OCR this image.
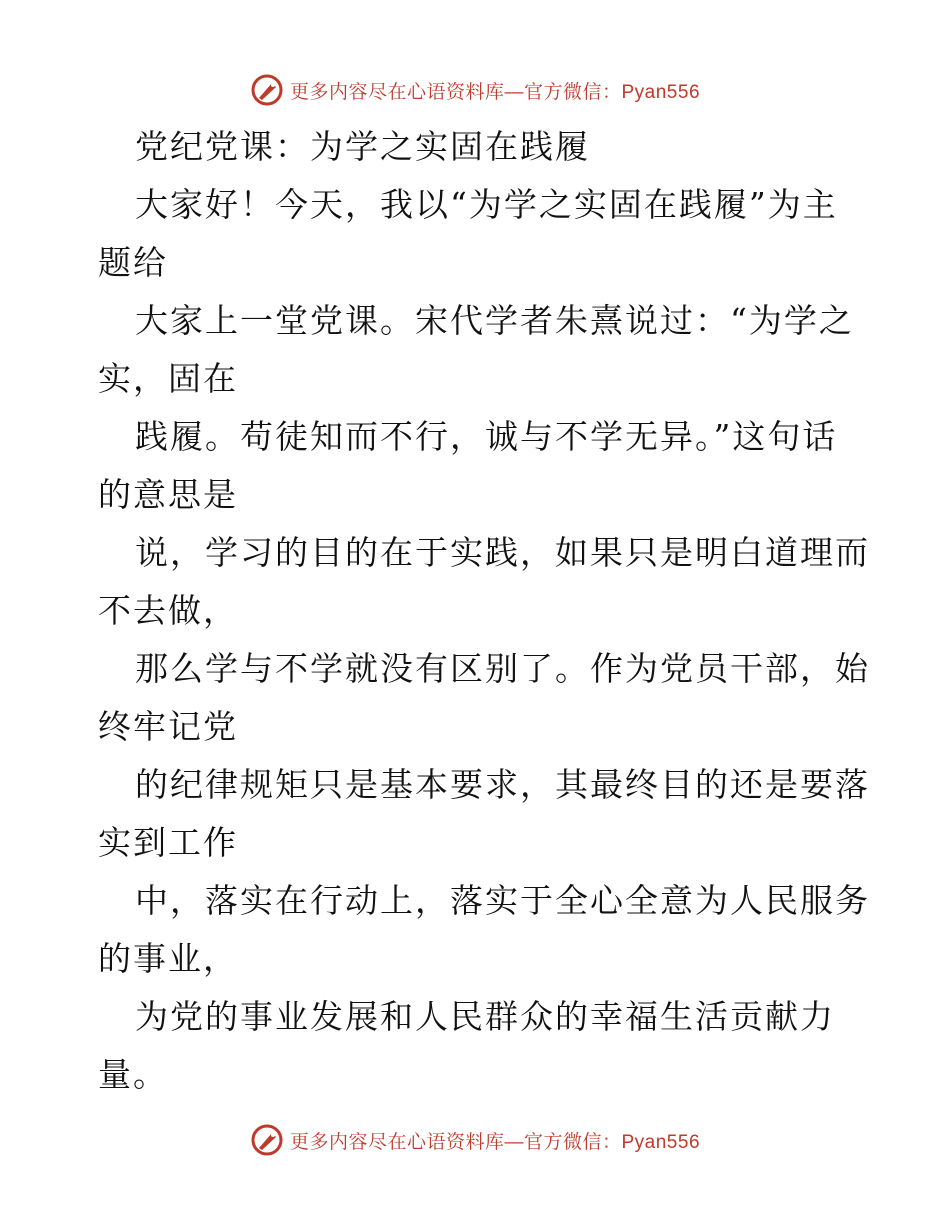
更多内容尽在心语资料库 —官方微信：Pyan556
党纪党课：为学之实固在践履
大家好！今天，我以“为学之实固在践履”为主
题给
大家上一堂党课。宋代学者朱熹说过：“为学之
实，固在
践履。苟徒知而不行，诚与不学无异。”这句话
的意思是
说，学习的目的在于实践，如果只是明白道理而
不去做，
那么学与不学就没有区别了。作为党员干部，始
终牢记党
的纪律规矩只是基本要求，其最终目的还是要落
实到工作
中，落实在行动上，落实于全心全意为人民服务
的事业，
为党的事业发展和人民群众的幸福生活贡献力
量。
更多内容尽在心语资料库 —官方微信：Pyan556
